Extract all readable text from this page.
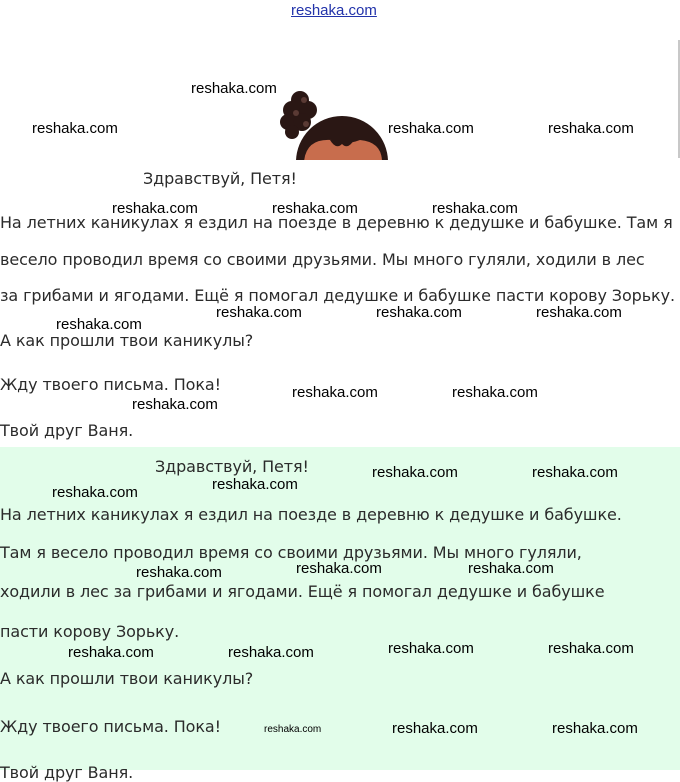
reshaka.com
Здравствуй, Петя!
На летних каникулах я ездил на поезде в деревню к дедушке и бабушке. Там я
весело проводил время со своими друзьями. Мы много гуляли, ходили в лес
за грибами и ягодами. Ещё я помогал дедушке и бабушке пасти корову Зорьку.
А как прошли твои каникулы?
Жду твоего письма. Пока!
Твой друг Ваня.
Здравствуй, Петя!
На летних каникулах я ездил на поезде в деревню к дедушке и бабушке.
Там я весело проводил время со своими друзьями. Мы много гуляли,
ходили в лес за грибами и ягодами. Ещё я помогал дедушке и бабушке
пасти корову Зорьку.
А как прошли твои каникулы?
Жду твоего письма. Пока!
Твой друг Ваня.
reshaka.com
reshaka.com	reshaka.com	reshaka.com
reshaka.com	reshaka.com	reshaka.com
reshaka.com
reshaka.com	reshaka.com	reshaka.com
reshaka.com	reshaka.com
reshaka.com
reshaka.com	reshaka.com
reshaka.com
reshaka.com
reshaka.com	reshaka.com	reshaka.com
reshaka.com	reshaka.com	reshaka.com	reshaka.com
reshaka.com	reshaka.com	reshaka.com
